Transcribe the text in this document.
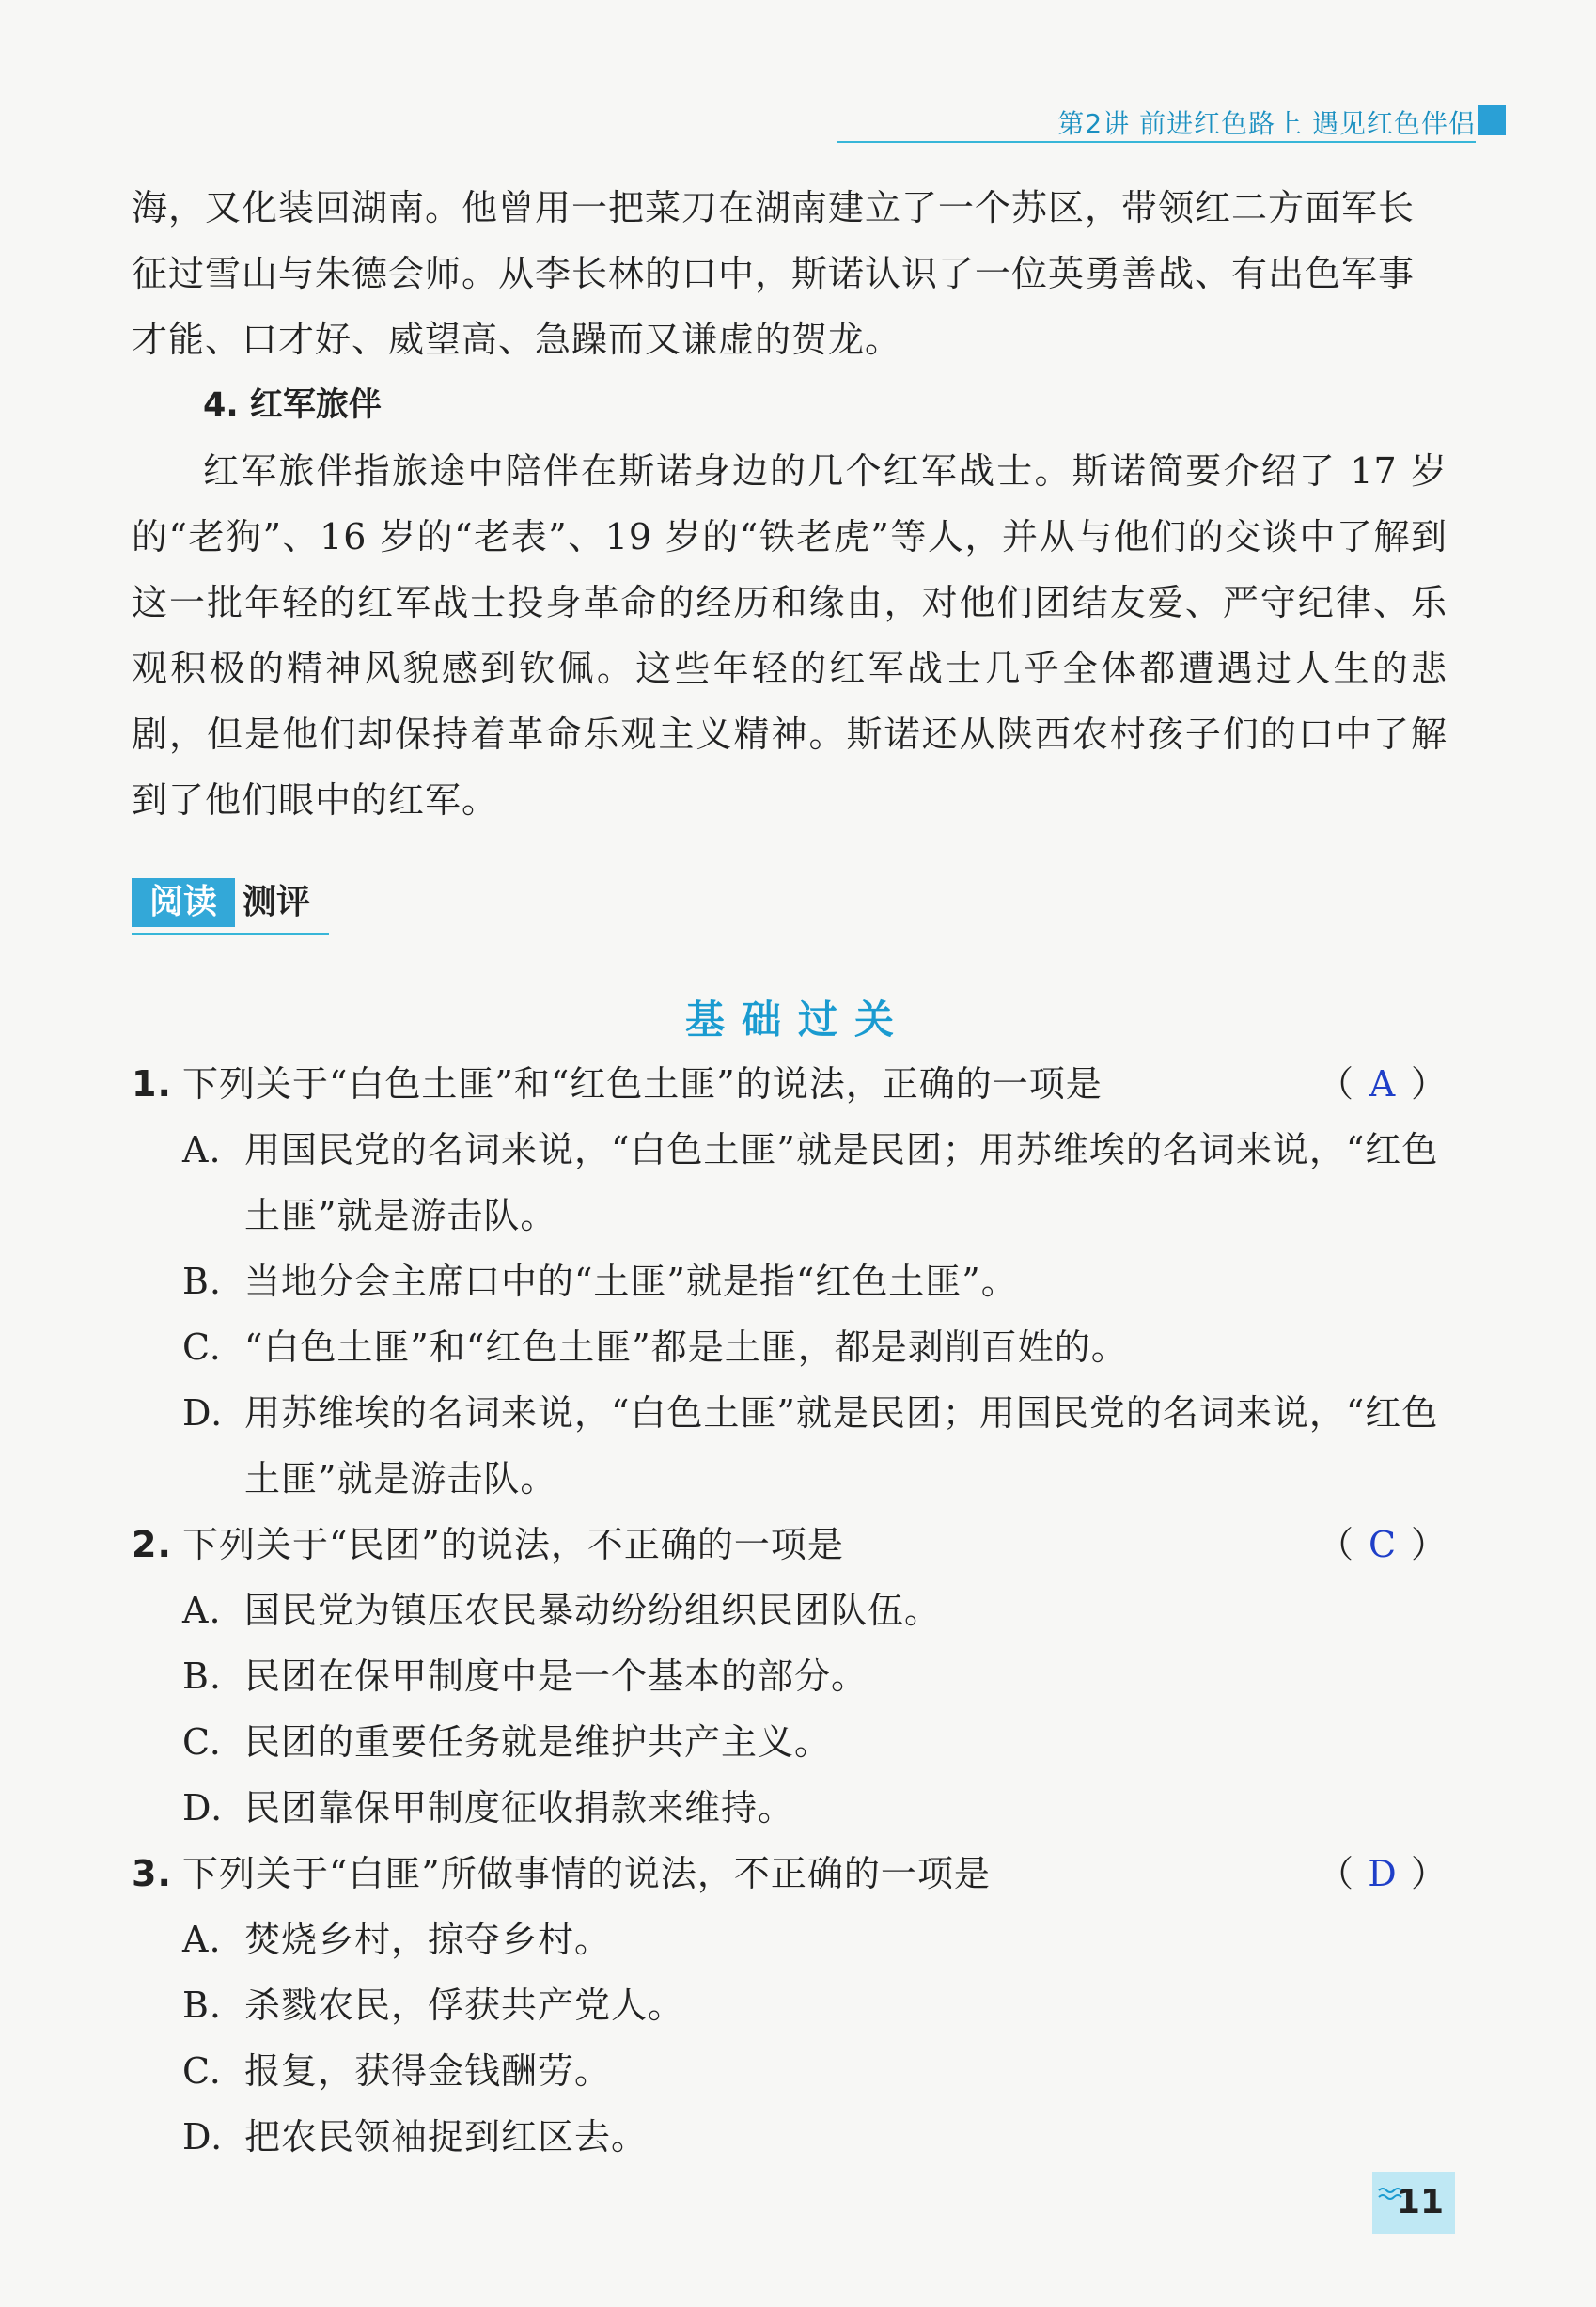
第2讲 前进红色路上 遇见红色伴侣

海，又化装回湖南。他曾用一把菜刀在湖南建立了一个苏区，带领红二方面军长

征过雪山与朱德会师。从李长林的口中，斯诺认识了一位英勇善战、有出色军事

才能、口才好、威望高、急躁而又谦虚的贺龙。

4. 红军旅伴

红军旅伴指旅途中陪伴在斯诺身边的几个红军战士。斯诺简要介绍了 17 岁的“老狗”、16 岁的“老表”、19 岁的“铁老虎”等人，并从与他们的交谈中了解到这一批年轻的红军战士投身革命的经历和缘由，对他们团结友爱、严守纪律、乐观积极的精神风貌感到钦佩。这些年轻的红军战士几乎全体都遭遇过人生的悲剧，但是他们却保持着革命乐观主义精神。斯诺还从陕西农村孩子们的口中了解到了他们眼中的红军。

阅读 测评
基础过关

1. 下列关于“白色土匪”和“红色土匪”的说法，正确的一项是	（ A ）

A. 用国民党的名词来说，“白色土匪”就是民团；用苏维埃的名词来说，“红色

土匪”就是游击队。

B. 当地分会主席口中的“土匪”就是指“红色土匪”。

C. “白色土匪”和“红色土匪”都是土匪，都是剥削百姓的。

D. 用苏维埃的名词来说，“白色土匪”就是民团；用国民党的名词来说，“红色

土匪”就是游击队。

2. 下列关于“民团”的说法，不正确的一项是	（ C ）

A. 国民党为镇压农民暴动纷纷组织民团队伍。

B. 民团在保甲制度中是一个基本的部分。

C. 民团的重要任务就是维护共产主义。

D. 民团靠保甲制度征收捐款来维持。

3. 下列关于“白匪”所做事情的说法，不正确的一项是	（ D ）

A. 焚烧乡村，掠夺乡村。

B. 杀戮农民，俘获共产党人。

C. 报复，获得金钱酬劳。

D. 把农民领袖捉到红区去。

11
